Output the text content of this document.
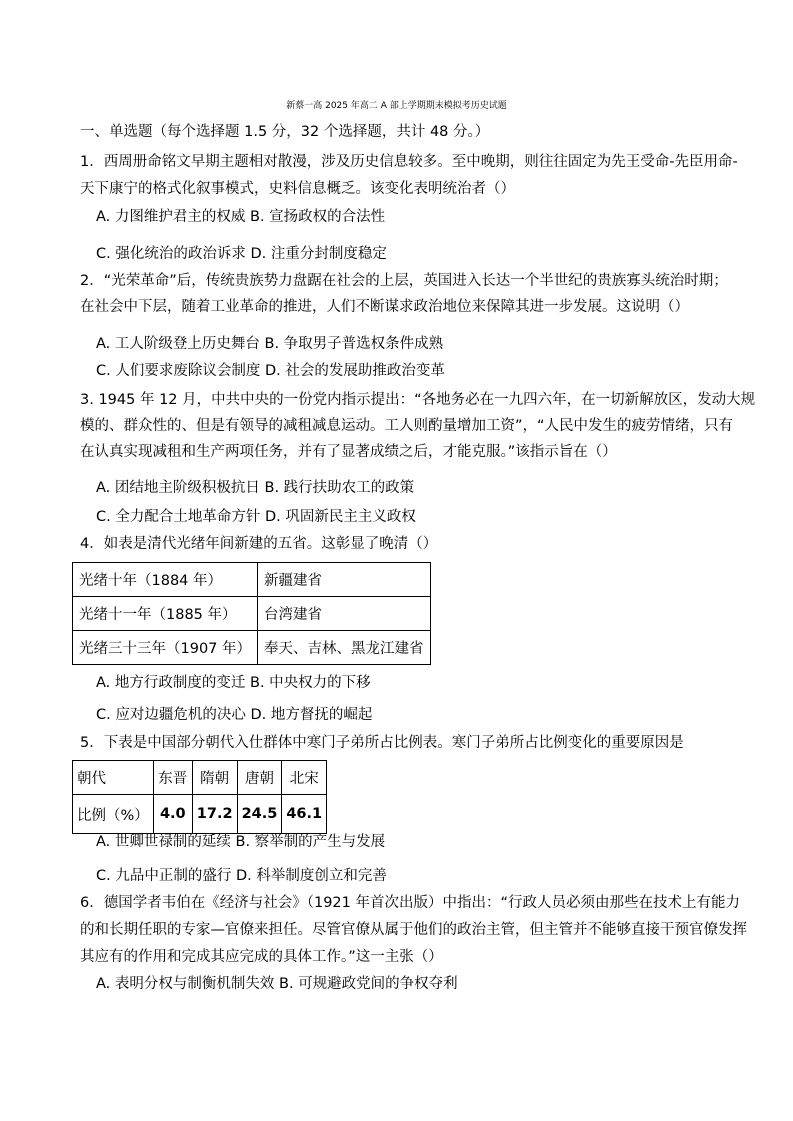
新蔡一高 2025 年高二 A 部上学期期末模拟考历史试题
一、单选题（每个选择题 1.5 分，32 个选择题，共计 48 分。）
1．西周册命铭文早期主题相对散漫，涉及历史信息较多。至中晚期，则往往固定为先王受命-先臣用命-
天下康宁的格式化叙事模式，史料信息概乏。该变化表明统治者（）
A. 力图维护君主的权威 B. 宣扬政权的合法性
C. 强化统治的政治诉求 D. 注重分封制度稳定
2．“光荣革命”后，传统贵族势力盘踞在社会的上层，英国进入长达一个半世纪的贵族寡头统治时期；
在社会中下层，随着工业革命的推进，人们不断谋求政治地位来保障其进一步发展。这说明（）
A. 工人阶级登上历史舞台 B. 争取男子普选权条件成熟
C. 人们要求废除议会制度 D. 社会的发展助推政治变革
3. 1945 年 12 月，中共中央的一份党内指示提出：“各地务必在一九四六年，在一切新解放区，发动大规
模的、群众性的、但是有领导的减租减息运动。工人则酌量增加工资”，“人民中发生的疲劳情绪，只有
在认真实现减租和生产两项任务，并有了显著成绩之后，才能克服。”该指示旨在（）
A. 团结地主阶级积极抗日 B. 践行扶助农工的政策
C. 全力配合土地革命方针 D. 巩固新民主主义政权
4．如表是清代光绪年间新建的五省。这彰显了晚清（）
光绪十年（1884 年）	新疆建省
光绪十一年（1885 年）	台湾建省
光绪三十三年（1907 年）	奉天、吉林、黑龙江建省
A. 地方行政制度的变迁 B. 中央权力的下移
C. 应对边疆危机的决心 D. 地方督抚的崛起
5．下表是中国部分朝代入仕群体中寒门子弟所占比例表。寒门子弟所占比例变化的重要原因是
朝代	东晋	隋朝	唐朝	北宋
比例（%）	4.0	17.2	24.5	46.1
A. 世卿世禄制的延续 B. 察举制的产生与发展
C. 九品中正制的盛行 D. 科举制度创立和完善
6．德国学者韦伯在《经济与社会》（1921 年首次出版）中指出：“行政人员必须由那些在技术上有能力
的和长期任职的专家—官僚来担任。尽管官僚从属于他们的政治主管，但主管并不能够直接干预官僚发挥
其应有的作用和完成其应完成的具体工作。”这一主张（）
A. 表明分权与制衡机制失效 B. 可规避政党间的争权夺利
